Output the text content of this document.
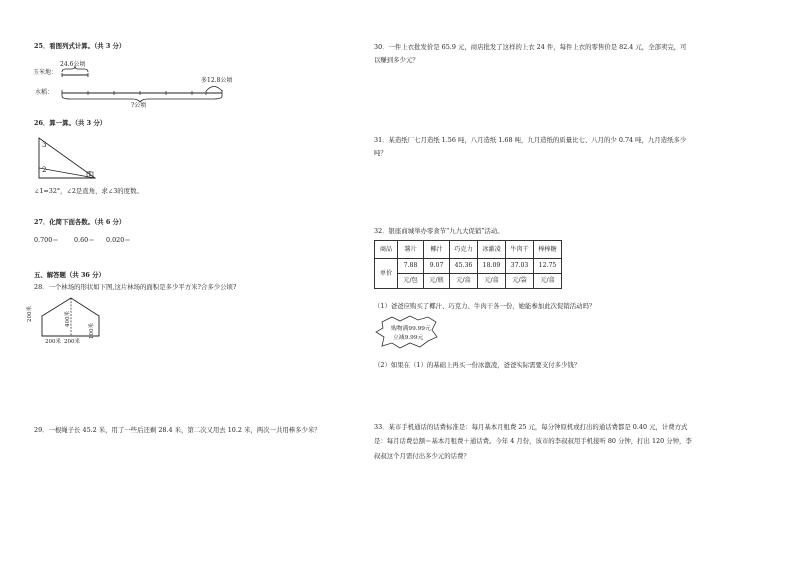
25．看图列式计算。（共 3 分）
24.6公顷
玉米地：
水稻：
多12.8公顷
?公顷
26．算一算。（共 3 分）
3
2
1
∠1=32°，∠2是直角，求∠3的度数。
27．化简下面各数。（共 6 分）
0.700＝ 0.60＝ 0.020＝
五、解答题（共 36 分）
28．一个林场的形状如下图,这片林场的面积是多少平方米?合多少公顷?
200米	400米
100米
200米 200米
29．一根绳子长 45.2 米，用了一些后还剩 28.4 米，第二次又用去 10.2 米，两次一共用棒多少米？
30．一件上衣批发价是 65.9 元，商店批发了这样的上衣 24 件，每件上衣的零售价是 82.4 元，全部卖完，可
以赚到多少元？
31．某造纸厂七月造纸 1.56 吨，八月造纸 1.68 吨，九月造纸的质量比七、八月的少 0.74 吨，九月造纸多少
吨？
32．银座商城举办零食节“九九大促销”活动。
商品	薯片	椰汁	巧克力	冰激凌	牛肉干	棒棒糖
单价	7.88	9.07	45.36	18.09	37.03	12.75
	元/包	元/瓶	元/盒	元/盒	元/袋	元/盒
（1）爸爸应购买了椰汁、巧克力、牛肉干各一份，她能参加此次促销活动吗？
购物满99.99元
立减9.99元
（2）如果在（1）的基础上再买一份冰激凌，爸爸实际需要支付多少钱？
33．某市手机通话的话费标准是：每月基本月租费 25 元，每分钟原机或打出的通话费都是 0.40 元，计费方式
是：每月话费总额＝基本月租费＋通话费。今年 4 月份，该市的李叔叔用手机接听 80 分钟，打出 120 分钟，李
叔叔这个月需付出多少元的话费？
